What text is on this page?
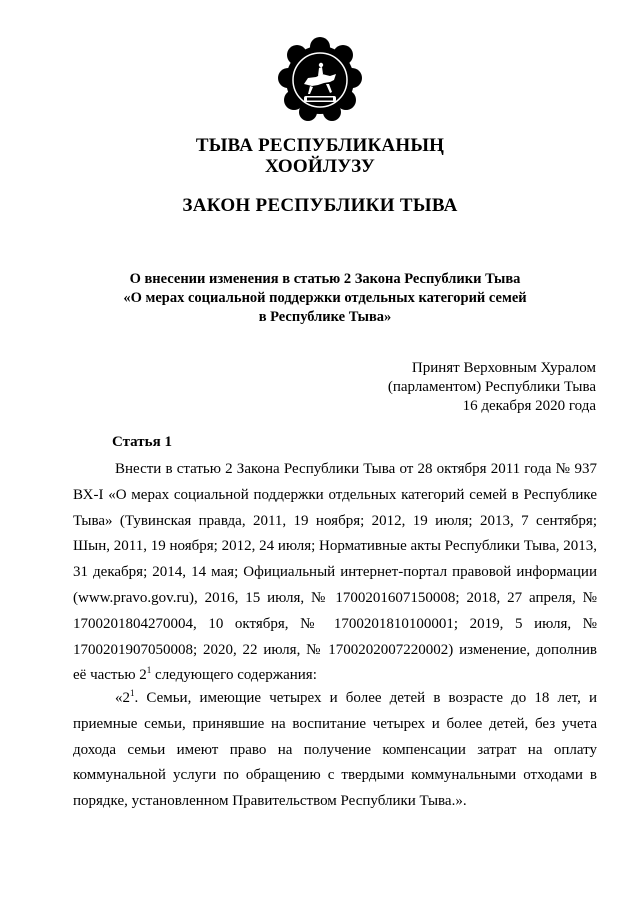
ТЫВА РЕСПУБЛИКАНЫҢ
ХООЙЛУЗУ
ЗАКОН РЕСПУБЛИКИ ТЫВА
О внесении изменения в статью 2 Закона Республики Тыва
«О мерах социальной поддержки отдельных категорий семей
в Республике Тыва»
Принят Верховным Хуралом
(парламентом) Республики Тыва
16 декабря 2020 года
Статья 1
Внести в статью 2 Закона Республики Тыва от 28 октября 2011 года № 937 ВХ-I «О мерах социальной поддержки отдельных категорий семей в Республике Тыва» (Тувинская правда, 2011, 19 ноября; 2012, 19 июля; 2013, 7 сентября; Шын, 2011, 19 ноября; 2012, 24 июля; Нормативные акты Республики Тыва, 2013, 31 декабря; 2014, 14 мая; Официальный интернет-портал правовой информации (www.pravo.gov.ru), 2016, 15 июля, № 1700201607150008; 2018, 27 апреля, № 1700201804270004, 10 октября, № 1700201810100001; 2019, 5 июля, № 1700201907050008; 2020, 22 июля, № 1700202007220002) изменение, дополнив её частью $2^1$ следующего содержания:
«$2^1$. Семьи, имеющие четырех и более детей в возрасте до 18 лет, и приемные семьи, принявшие на воспитание четырех и более детей, без учета дохода семьи имеют право на получение компенсации затрат на оплату коммунальной услуги по обращению с твердыми коммунальными отходами в порядке, установленном Правительством Республики Тыва.».
